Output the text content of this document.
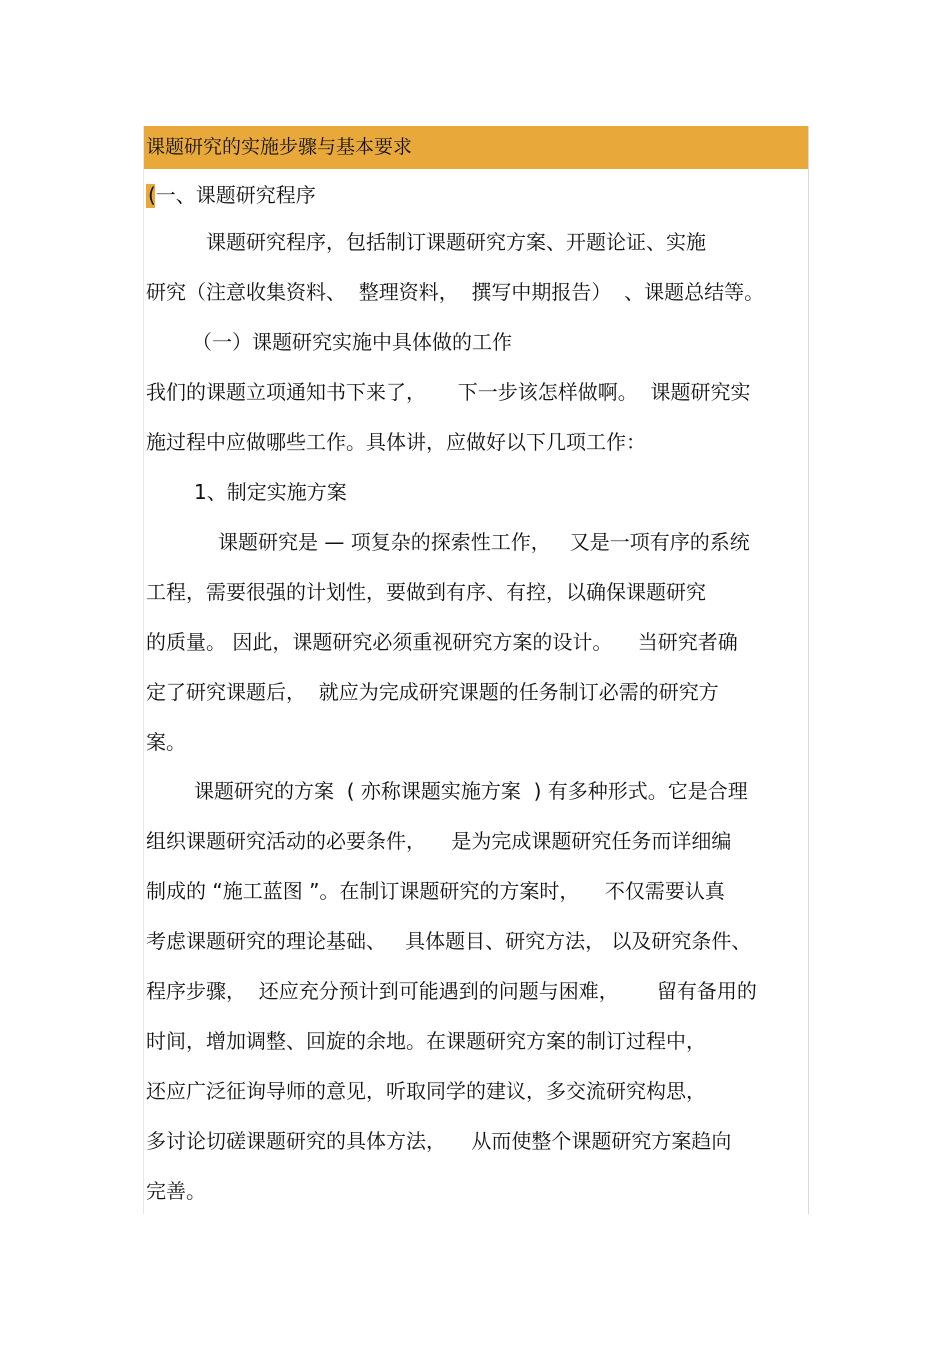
课题研究的实施步骤与基本要求
(一、课题研究程序
课题研究程序，包括制订课题研究方案、开题论证、实施
研究（注意收集资料、  整理资料，  撰写中期报告）  、课题总结等。
（一）课题研究实施中具体做的工作
我们的课题立项通知书下来了，     下一步该怎样做啊。  课题研究实
施过程中应做哪些工作。具体讲，应做好以下几项工作：
1、制定实施方案
课题研究是 — 项复杂的探索性工作，   又是一项有序的系统
工程，需要很强的计划性，要做到有序、有控，以确保课题研究
的质量。 因此，课题研究必须重视研究方案的设计。    当研究者确
定了研究课题后，  就应为完成研究课题的任务制订必需的研究方
案。
课题研究的方案  ( 亦称课题实施方案  ) 有多种形式。它是合理
组织课题研究活动的必要条件，    是为完成课题研究任务而详细编
制成的 “施工蓝图 ”。在制订课题研究的方案时，    不仅需要认真
考虑课题研究的理论基础、   具体题目、研究方法， 以及研究条件、
程序步骤，  还应充分预计到可能遇到的问题与困难，      留有备用的
时间，增加调整、回旋的余地。在课题研究方案的制订过程中，
还应广泛征询导师的意见，听取同学的建议，多交流研究构思，
多讨论切磋课题研究的具体方法，    从而使整个课题研究方案趋向
完善。
